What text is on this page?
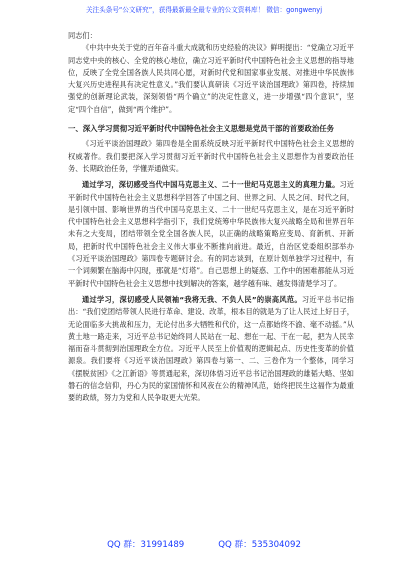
关注头条号“公文研究”，获得最新最全最专业的公文资料库！ 微信：gongwenyj

同志们：

《中共中央关于党的百年奋斗重大成就和历史经验的决议》鲜明提出：“党确立习近平同志党中央的核心、全党的核心地位，确立习近平新时代中国特色社会主义思想的指导地位，反映了全党全国各族人民共同心愿，对新时代党和国家事业发展、对推进中华民族伟大复兴历史进程具有决定性意义。”我们要认真研读《习近平谈治国理政》第四卷，持续加强党的创新理论武装，深刻领悟“两个确立”的决定性意义，进一步增强“四个意识”，坚定“四个自信”，做到“两个维护”。

一、深入学习贯彻习近平新时代中国特色社会主义思想是党员干部的首要政治任务

《习近平谈治国理政》第四卷是全面系统反映习近平新时代中国特色社会主义思想的权威著作。我们要把深入学习贯彻习近平新时代中国特色社会主义思想作为首要政治任务、长期政治任务，学懂弄通做实。

通过学习，深切感受当代中国马克思主义、二十一世纪马克思主义的真理力量。习近平新时代中国特色社会主义思想科学回答了中国之问、世界之问、人民之问、时代之问，是引领中国、影响世界的当代中国马克思主义、二十一世纪马克思主义，是在习近平新时代中国特色社会主义思想科学指引下，我们党统筹中华民族伟大复兴战略全局和世界百年未有之大变局，团结带领全党全国各族人民，以正确的战略策略应变局、育新机、开新局，把新时代中国特色社会主义伟大事业不断推向前进。最近，自治区党委组织部举办《习近平谈治国理政》第四卷专题研讨会。有的同志谈到，在原计划单独学习过程中，有一个词频繁在脑海中闪现，那就是“灯塔”。自己思想上的疑惑、工作中的困难都能从习近平新时代中国特色社会主义思想中找到解决的答案，越学越有味、越发得清楚学习了。

通过学习，深切感受人民领袖“我将无我、不负人民”的崇高风范。习近平总书记指出：“我们党团结带领人民进行革命、建设、改革，根本目的就是为了让人民过上好日子，无论面临多大挑战和压力，无论付出多大牺牲和代价，这一点都始终不渝、毫不动摇。”从黄土地一路走来，习近平总书记始终同人民站在一起、想在一起、干在一起，把为人民幸福而奋斗贯彻到治国理政全方位。习近平人民至上价值观的逻辑起点、历史性变革的价值源泉。我们要将《习近平谈治国理政》第四卷与第一、二、三卷作为一个整体，同学习《摆脱贫困》《之江新语》等贯通起来，深切体悟习近平总书记治国理政的雄韬大略、坚如磐石的信念信仰，丹心为民的家国情怀和风夜在公的精神风范，始终把民生这福作为最重要的政绩，努力为党和人民争取更大光荣。

QQ 群：31991489	QQ 群：535304092
